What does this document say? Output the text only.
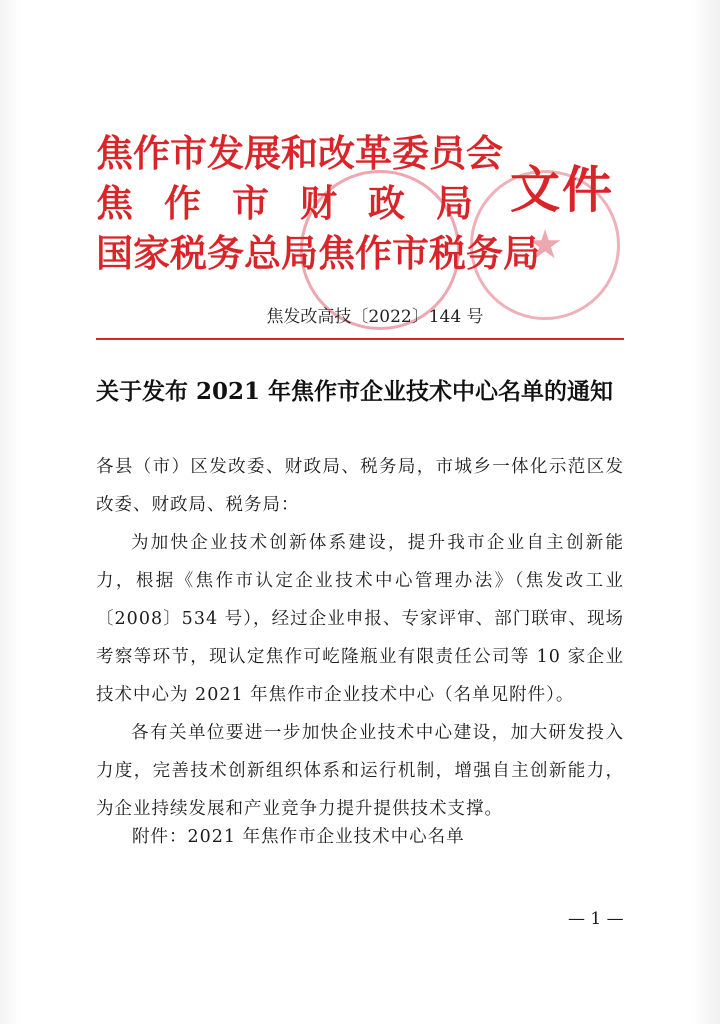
★
焦作市发展和改革委员会
焦作市财政局
国家税务总局焦作市税务局
文件
焦发改高技〔2022〕144 号
关于发布 2021 年焦作市企业技术中心名单的通知

各县（市）区发改委、财政局、税务局，市城乡一体化示范区发改委、财政局、税务局：

为加快企业技术创新体系建设，提升我市企业自主创新能力，根据《焦作市认定企业技术中心管理办法》（焦发改工业〔2008〕534 号），经过企业申报、专家评审、部门联审、现场考察等环节，现认定焦作可屹隆瓶业有限责任公司等 10 家企业技术中心为 2021 年焦作市企业技术中心（名单见附件）。

各有关单位要进一步加快企业技术中心建设，加大研发投入力度，完善技术创新组织体系和运行机制，增强自主创新能力，为企业持续发展和产业竞争力提升提供技术支撑。

附件：2021 年焦作市企业技术中心名单
— 1 —
